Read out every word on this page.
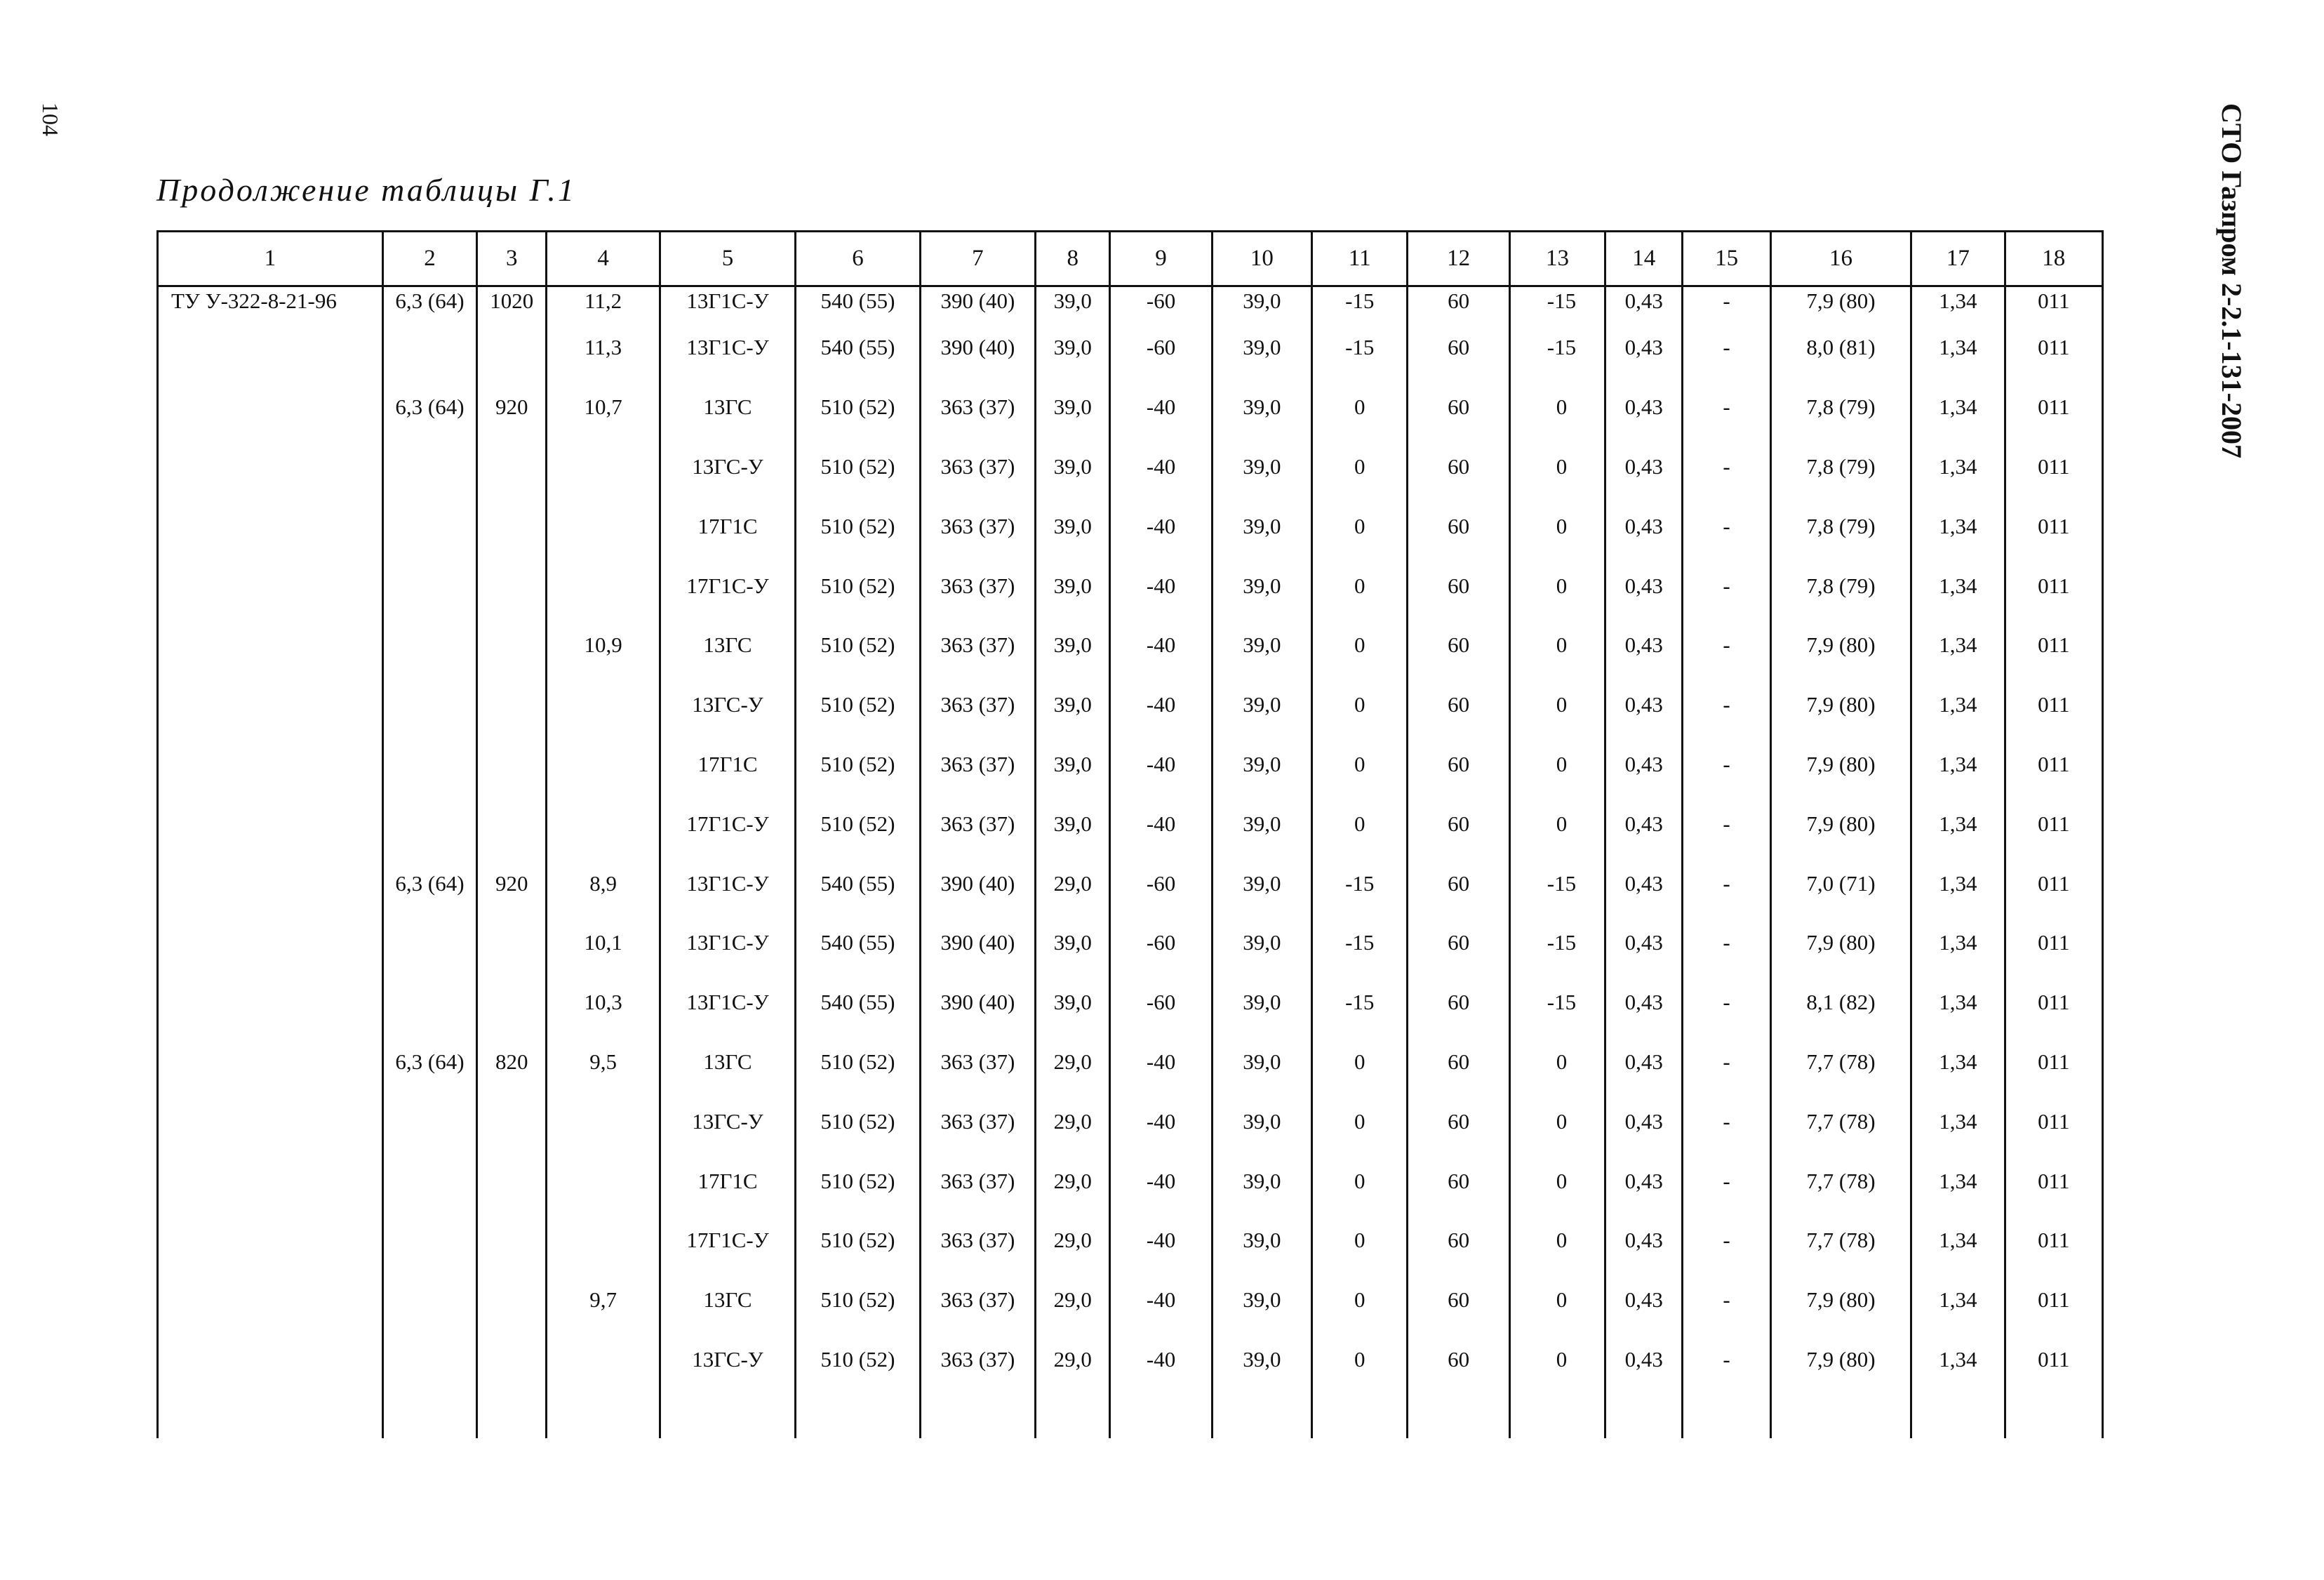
104	СТО Газпром 2-2.1-131-2007
Продолжение таблицы Г.1
1	2	3	4	5	6	7	8	9	10	11	12	13	14	15	16	17	18
ТУ У-322-8-21-96	6,3 (64)	1020	11,2	13Г1С-У	540 (55)	390 (40)	39,0	-60	39,0	-15	60	-15	0,43	-	7,9 (80)	1,34	011
			11,3	13Г1С-У	540 (55)	390 (40)	39,0	-60	39,0	-15	60	-15	0,43	-	8,0 (81)	1,34	011
	6,3 (64)	920	10,7	13ГС	510 (52)	363 (37)	39,0	-40	39,0	0	60	0	0,43	-	7,8 (79)	1,34	011
				13ГС-У	510 (52)	363 (37)	39,0	-40	39,0	0	60	0	0,43	-	7,8 (79)	1,34	011
				17Г1С	510 (52)	363 (37)	39,0	-40	39,0	0	60	0	0,43	-	7,8 (79)	1,34	011
				17Г1С-У	510 (52)	363 (37)	39,0	-40	39,0	0	60	0	0,43	-	7,8 (79)	1,34	011
			10,9	13ГС	510 (52)	363 (37)	39,0	-40	39,0	0	60	0	0,43	-	7,9 (80)	1,34	011
				13ГС-У	510 (52)	363 (37)	39,0	-40	39,0	0	60	0	0,43	-	7,9 (80)	1,34	011
				17Г1С	510 (52)	363 (37)	39,0	-40	39,0	0	60	0	0,43	-	7,9 (80)	1,34	011
				17Г1С-У	510 (52)	363 (37)	39,0	-40	39,0	0	60	0	0,43	-	7,9 (80)	1,34	011
	6,3 (64)	920	8,9	13Г1С-У	540 (55)	390 (40)	29,0	-60	39,0	-15	60	-15	0,43	-	7,0 (71)	1,34	011
			10,1	13Г1С-У	540 (55)	390 (40)	39,0	-60	39,0	-15	60	-15	0,43	-	7,9 (80)	1,34	011
			10,3	13Г1С-У	540 (55)	390 (40)	39,0	-60	39,0	-15	60	-15	0,43	-	8,1 (82)	1,34	011
	6,3 (64)	820	9,5	13ГС	510 (52)	363 (37)	29,0	-40	39,0	0	60	0	0,43	-	7,7 (78)	1,34	011
				13ГС-У	510 (52)	363 (37)	29,0	-40	39,0	0	60	0	0,43	-	7,7 (78)	1,34	011
				17Г1С	510 (52)	363 (37)	29,0	-40	39,0	0	60	0	0,43	-	7,7 (78)	1,34	011
				17Г1С-У	510 (52)	363 (37)	29,0	-40	39,0	0	60	0	0,43	-	7,7 (78)	1,34	011
			9,7	13ГС	510 (52)	363 (37)	29,0	-40	39,0	0	60	0	0,43	-	7,9 (80)	1,34	011
				13ГС-У	510 (52)	363 (37)	29,0	-40	39,0	0	60	0	0,43	-	7,9 (80)	1,34	011
